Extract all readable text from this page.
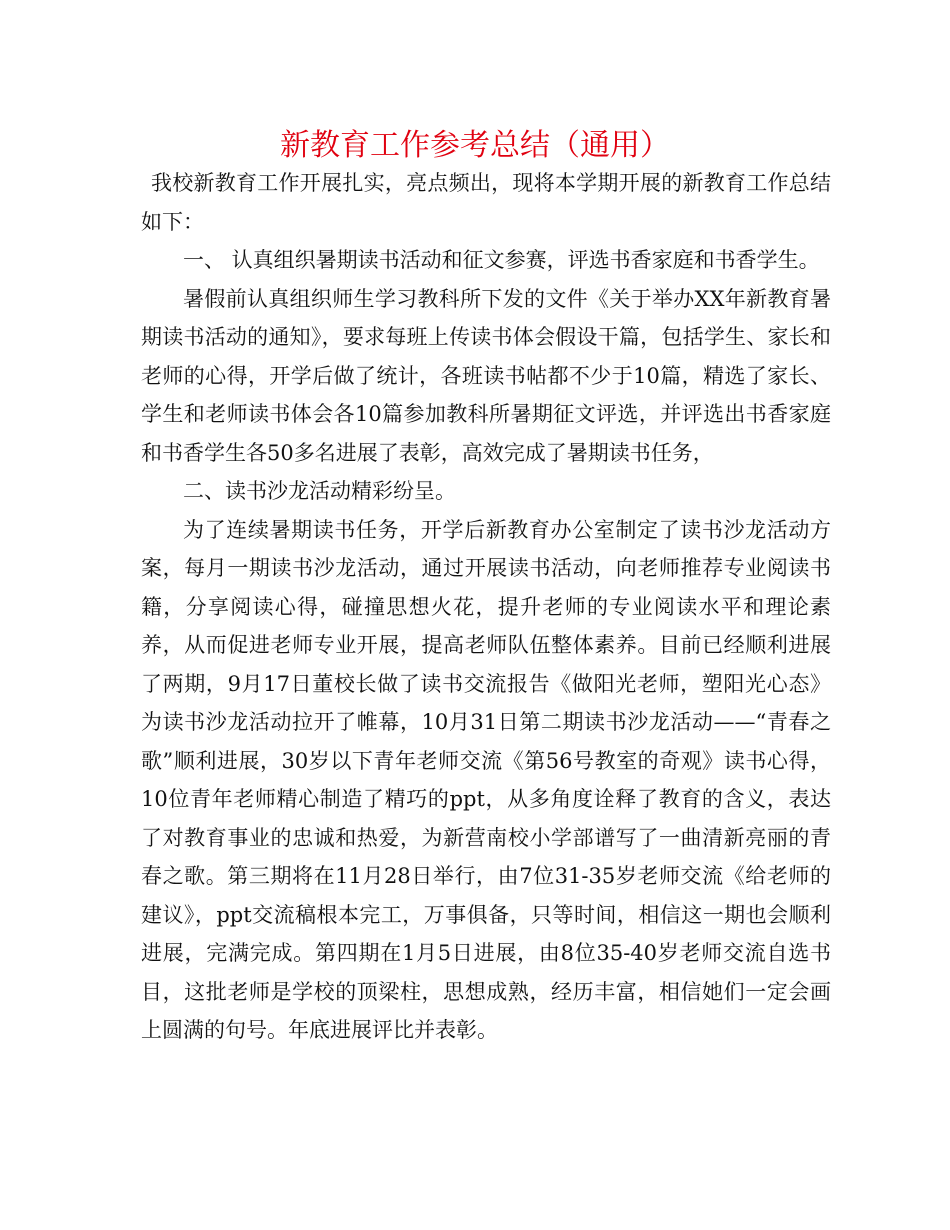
新教育工作参考总结（通用）

我校新教育工作开展扎实，亮点频出，现将本学期开展的新教育工作总结如下：

一、 认真组织暑期读书活动和征文参赛，评选书香家庭和书香学生。

暑假前认真组织师生学习教科所下发的文件《关于举办XX年新教育暑期读书活动的通知》，要求每班上传读书体会假设干篇，包括学生、家长和老师的心得，开学后做了统计，各班读书帖都不少于10篇，精选了家长、学生和老师读书体会各10篇参加教科所暑期征文评选，并评选出书香家庭和书香学生各50多名进展了表彰，高效完成了暑期读书任务，

二、读书沙龙活动精彩纷呈。

为了连续暑期读书任务，开学后新教育办公室制定了读书沙龙活动方案，每月一期读书沙龙活动，通过开展读书活动，向老师推荐专业阅读书籍，分享阅读心得，碰撞思想火花，提升老师的专业阅读水平和理论素养，从而促进老师专业开展，提高老师队伍整体素养。目前已经顺利进展了两期，9月17日董校长做了读书交流报告《做阳光老师，塑阳光心态》为读书沙龙活动拉开了帷幕，10月31日第二期读书沙龙活动——“青春之歌”顺利进展，30岁以下青年老师交流《第56号教室的奇观》读书心得，10位青年老师精心制造了精巧的ppt，从多角度诠释了教育的含义，表达了对教育事业的忠诚和热爱，为新营南校小学部谱写了一曲清新亮丽的青春之歌。第三期将在11月28日举行，由7位31-35岁老师交流《给老师的建议》，ppt交流稿根本完工，万事俱备，只等时间，相信这一期也会顺利进展，完满完成。第四期在1月5日进展，由8位35-40岁老师交流自选书目，这批老师是学校的顶梁柱，思想成熟，经历丰富，相信她们一定会画上圆满的句号。年底进展评比并表彰。
